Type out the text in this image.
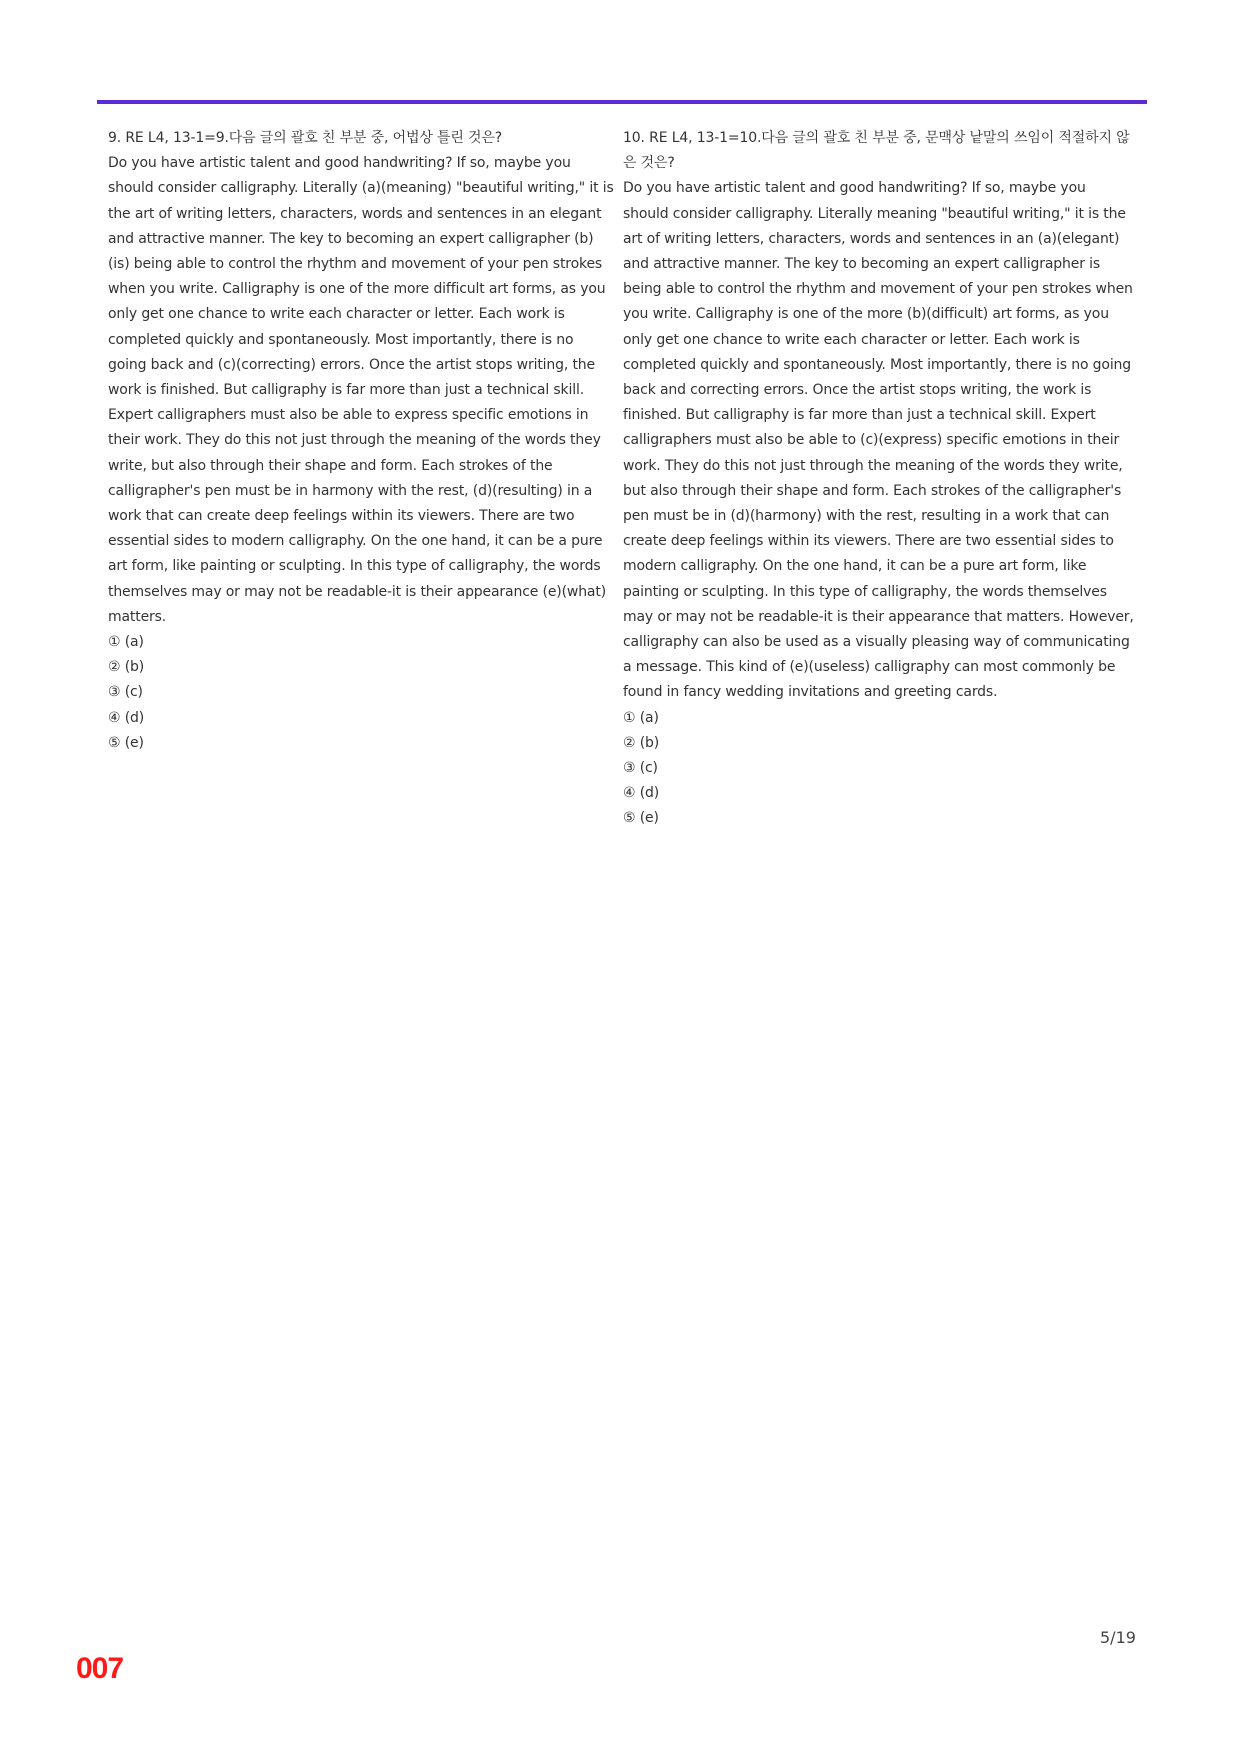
9. RE L4, 13-1=9.다음 글의 괄호 친 부분 중, 어법상 틀린 것은?

Do you have artistic talent and good handwriting? If so, maybe you should consider calligraphy. Literally (a)(meaning) "beautiful writing," it is the art of writing letters, characters, words and sentences in an elegant and attractive manner. The key to becoming an expert calligrapher (b)(is) being able to control the rhythm and movement of your pen strokes when you write. Calligraphy is one of the more difficult art forms, as you only get one chance to write each character or letter. Each work is completed quickly and spontaneously. Most importantly, there is no going back and (c)(correcting) errors. Once the artist stops writing, the work is finished. But calligraphy is far more than just a technical skill. Expert calligraphers must also be able to express specific emotions in their work. They do this not just through the meaning of the words they write, but also through their shape and form. Each strokes of the calligrapher's pen must be in harmony with the rest, (d)(resulting) in a work that can create deep feelings within its viewers. There are two essential sides to modern calligraphy. On the one hand, it can be a pure art form, like painting or sculpting. In this type of calligraphy, the words themselves may or may not be readable-it is their appearance (e)(what) matters.

① (a)
② (b)
③ (c)
④ (d)
⑤ (e)

10. RE L4, 13-1=10.다음 글의 괄호 친 부분 중, 문맥상 낱말의 쓰임이 적절하지 않은 것은?

Do you have artistic talent and good handwriting? If so, maybe you should consider calligraphy. Literally meaning "beautiful writing," it is the art of writing letters, characters, words and sentences in an (a)(elegant) and attractive manner. The key to becoming an expert calligrapher is being able to control the rhythm and movement of your pen strokes when you write. Calligraphy is one of the more (b)(difficult) art forms, as you only get one chance to write each character or letter. Each work is completed quickly and spontaneously. Most importantly, there is no going back and correcting errors. Once the artist stops writing, the work is finished. But calligraphy is far more than just a technical skill. Expert calligraphers must also be able to (c)(express) specific emotions in their work. They do this not just through the meaning of the words they write, but also through their shape and form. Each strokes of the calligrapher's pen must be in (d)(harmony) with the rest, resulting in a work that can create deep feelings within its viewers. There are two essential sides to modern calligraphy. On the one hand, it can be a pure art form, like painting or sculpting. In this type of calligraphy, the words themselves may or may not be readable-it is their appearance that matters. However, calligraphy can also be used as a visually pleasing way of communicating a message. This kind of (e)(useless) calligraphy can most commonly be found in fancy wedding invitations and greeting cards.

① (a)
② (b)
③ (c)
④ (d)
⑤ (e)
5/19
007
